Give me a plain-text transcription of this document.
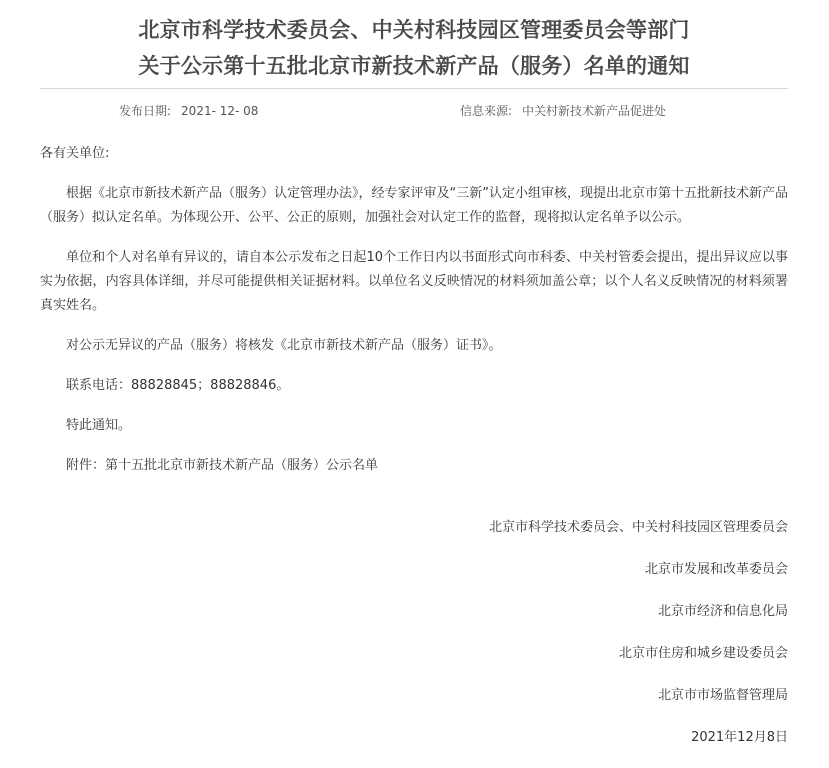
北京市科学技术委员会、中关村科技园区管理委员会等部门
关于公示第十五批北京市新技术新产品（服务）名单的通知
发布日期: 2021- 12- 08	信息来源: 中关村新技术新产品促进处

各有关单位:

根据《北京市新技术新产品（服务）认定管理办法》，经专家评审及“三新”认定小组审核，现提出北京市第十五批新技术新产品（服务）拟认定名单。为体现公开、公平、公正的原则，加强社会对认定工作的监督，现将拟认定名单予以公示。

单位和个人对名单有异议的，请自本公示发布之日起10个工作日内以书面形式向市科委、中关村管委会提出，提出异议应以事实为依据，内容具体详细，并尽可能提供相关证据材料。以单位名义反映情况的材料须加盖公章；以个人名义反映情况的材料须署真实姓名。

对公示无异议的产品（服务）将核发《北京市新技术新产品（服务）证书》。

联系电话：88828845；88828846。

特此通知。

附件：第十五批北京市新技术新产品（服务）公示名单

北京市科学技术委员会、中关村科技园区管理委员会
北京市发展和改革委员会
北京市经济和信息化局
北京市住房和城乡建设委员会
北京市市场监督管理局
2021年12月8日
